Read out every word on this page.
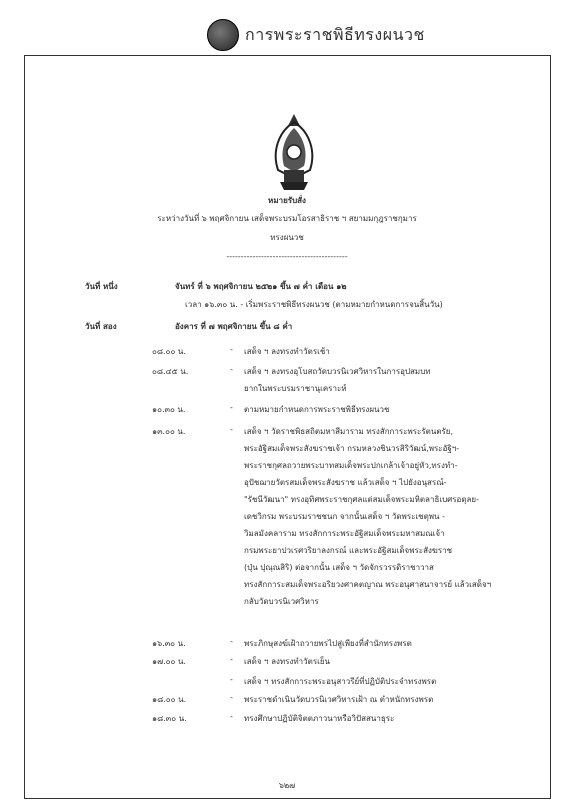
การพระราชพิธีทรงผนวช
หมายรับสั่ง
ระหว่างวันที่ ๖ พฤศจิกายน เสด็จพระบรมโอรสาธิราช ฯ สยามมกุฎราชกุมาร
ทรงผนวช
------------------------------------------
วันที่ หนึ่ง	จันทร์ ที่ ๖ พฤศจิกายน ๒๕๒๑ ขึ้น ๗ ค่ำ เดือน ๑๒
เวลา ๑๖.๓๐ น. - เริ่มพระราชพิธีทรงผนวช (ตามหมายกำหนดการจนสิ้นวัน)
วันที่ สอง	อังคาร ที่ ๗ พฤศจิกายน ขึ้น ๘ ค่ำ
๐๘.๐๐ น.	- เสด็จ ฯ ลงทรงทำวัตรเช้า
๐๘.๔๕ น.	- เสด็จ ฯ ลงทรงอุโบสถวัดบวรนิเวศวิหารในการอุปสมบท
ยากในพระบรมราชานุเคราะห์
๑๐.๓๐ น.	- ตามหมายกำหนดการพระราชพิธีทรงผนวช
๑๓.๐๐ น.	- เสด็จ ฯ วัดราชพิธสถิตมหาสีมาราม ทรงสักการะพระรัตนตรัย,
พระอัฐิสมเด็จพระสังฆราชเจ้า กรมหลวงชินวรสิริวัฒน์,พระอัฐิฯ-
พระราชกุศลถวายพระบาทสมเด็จพระปกเกล้าเจ้าอยู่หัว,ทรงทำ-
อุปัชฌายวัตรสมเด็จพระสังฆราช แล้วเสด็จ ฯ ไปยังอนุสรณ์-
"รัชนีวัฒนา" ทรงอุทิศพระราชกุศลแด่สมเด็จพระมหิตลาธิเบศรอดุลย-
เดชวิกรม พระบรมราชชนก จากนั้นเสด็จ ฯ วัดพระเชตุพน -
วิมลมังคลาราม ทรงสักการะพระอัฐิสมเด็จพระมหาสมณเจ้า
กรมพระยาปวเรศวริยาลงกรณ์ และพระอัฐิสมเด็จพระสังฆราช
(ปุ่น ปุณฺณสิริ) ต่อจากนั้น เสด็จ ฯ วัดจักรวรรดิราชาวาส
ทรงสักการะสมเด็จพระอริยวงศาคตญาณ พระอนุศาสนาจารย์ แล้วเสด็จฯ
กลับวัดบวรนิเวศวิหาร
๑๖.๓๐ น.	- พระภิกษุสงฆ์เฝ้าถวายพรไปสู่เพียงที่สำนักทรงพรต
๑๗.๐๐ น.	- เสด็จ ฯ ลงทรงทำวัตรเย็น
- เสด็จ ฯ ทรงสักการะพระอนุสาวรีย์ที่ปฏิบัติประจำทรงพรต
๑๘.๐๐ น.	- พระราชดำเนินวัดบวรนิเวศวิหารเฝ้า ณ ตำหนักทรงพรต
๑๘.๓๐ น.	- ทรงศึกษาปฏิบัติจิตตภาวนาหรือวิปัสสนาธุระ
๖๒๗
